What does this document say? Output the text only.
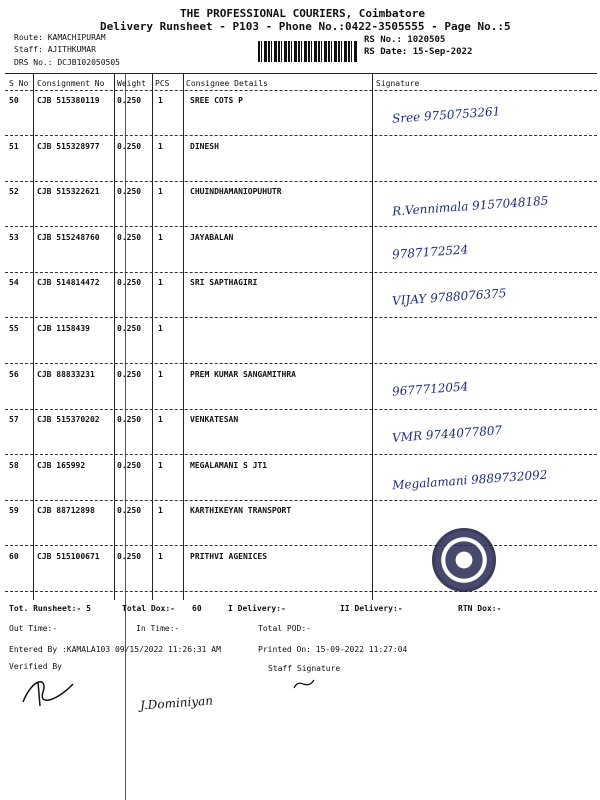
THE PROFESSIONAL COURIERS, Coimbatore
Delivery Runsheet - P103 - Phone No.:0422-3505555 - Page No.:5
Route: KAMACHIPURAM
Staff: AJITHKUMAR
DRS No.: DCJB102050505
RS No.: 1020505
RS Date: 15-Sep-2022
S No Consignment No Weight PCS Consignee Details	Signature
50 CJB 515380119 0.250 1	SREE COTS P
Sree 9750753261
51 CJB 515328977 0.250 1	DINESH
52 CJB 515322621 0.250 1	CHUINDHAMANIOPUHUTR
R.Vennimala 9157048185
53 CJB 515248760 0.250 1	JAYABALAN
9787172524
54 CJB 514814472 0.250 1	SRI SAPTHAGIRI
VIJAY 9788076375
55 CJB 1158439	0.250 1
56 CJB 88833231	0.250 1	PREM KUMAR SANGAMITHRA
9677712054
57 CJB 515370202 0.250 1	VENKATESAN
VMR 9744077807
58 CJB 165992	0.250 1	MEGALAMANI S JT1
Megalamani 9889732092
59 CJB 88712898	0.250 1	KARTHIKEYAN TRANSPORT
60 CJB 515100671 0.250 1	PRITHVI AGENICES
Tot. Runsheet:- 5	Total Dox:- 60	I Delivery:-	II Delivery:-	RTN Dox:-
Out Time:-	In Time:-	Total POD:-
Entered By :KAMALA103 09/15/2022 11:26:31 AM	Printed On: 15-09-2022 11:27:04
Verified By	Staff Signature
J.Dominiyan
